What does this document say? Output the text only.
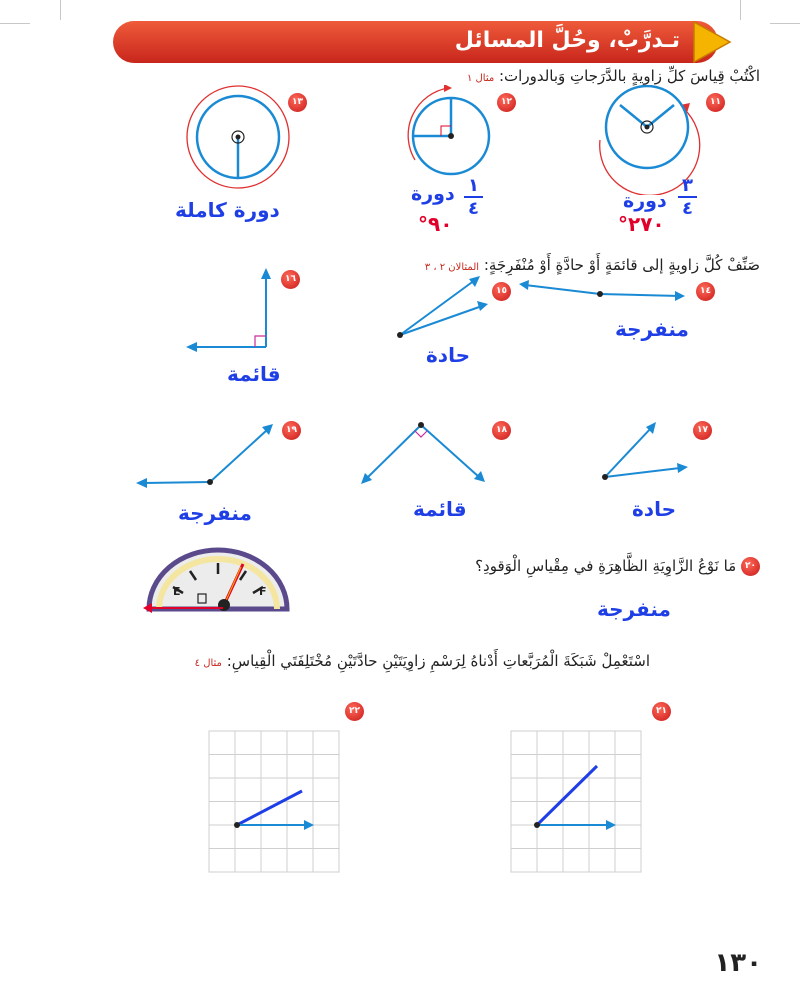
تـدرَّبْ، وحُلَّ المسائل
اكْتُبْ قِياسَ كلِّ زاويةٍ بالدَّرَجاتِ وَبالدورات: مثال ١
١١
٣
٤
دورة
٢٧٠°
١٢
١
٤
دورة
٩٠°
١٣
دورة كاملة
صَنِّفْ كُلَّ زاويةٍ إلى قائمَةٍ أَوْ حادَّةٍ أَوْ مُنْفَرِجَةٍ: المثالان ٢ ، ٣
١٤
منفرجة
١٥
حادة
١٦
قائمة
١٧
حادة
١٨
قائمة
١٩
منفرجة
٢٠ مَا نَوْعُ الزَّاوِيَةِ الظَّاهِرَةِ في مِقْياسِ الْوَقودِ؟
منفرجة
E	F
اسْتَعْمِلْ شَبَكَةَ الْمُرَبَّعاتِ أَدْناهُ لِرَسْمِ زاوِيَتَيْنِ حادَّتَيْنِ مُخْتَلِفَتَي الْقِياسِ: مثال ٤
٢١
٢٢
١٣٠
